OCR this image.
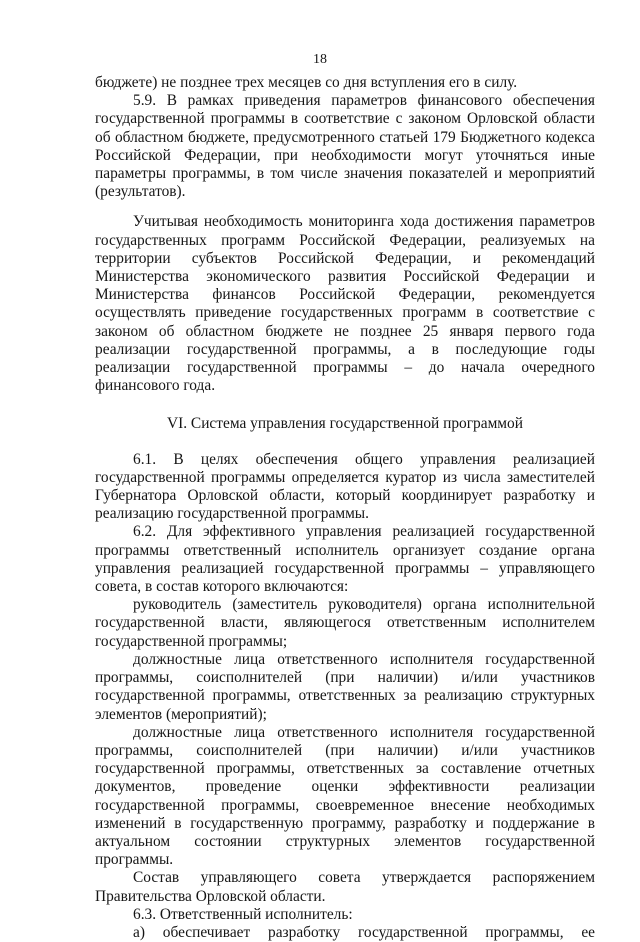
18

бюджете) не позднее трех месяцев со дня вступления его в силу.

5.9. В рамках приведения параметров финансового обеспечения государственной программы в соответствие с законом Орловской области об областном бюджете, предусмотренного статьей 179 Бюджетного кодекса Российской Федерации, при необходимости могут уточняться иные параметры программы, в том числе значения показателей и мероприятий (результатов).

Учитывая необходимость мониторинга хода достижения параметров государственных программ Российской Федерации, реализуемых на территории субъектов Российской Федерации, и рекомендаций Министерства экономического развития Российской Федерации и Министерства финансов Российской Федерации, рекомендуется осуществлять приведение государственных программ в соответствие с законом об областном бюджете не позднее 25 января первого года реализации государственной программы, а в последующие годы реализации государственной программы – до начала очередного финансового года.

VI. Система управления государственной программой

6.1. В целях обеспечения общего управления реализацией государственной программы определяется куратор из числа заместителей Губернатора Орловской области, который координирует разработку и реализацию государственной программы.

6.2. Для эффективного управления реализацией государственной программы ответственный исполнитель организует создание органа управления реализацией государственной программы – управляющего совета, в состав которого включаются:

руководитель (заместитель руководителя) органа исполнительной государственной власти, являющегося ответственным исполнителем государственной программы;

должностные лица ответственного исполнителя государственной программы, соисполнителей (при наличии) и/или участников государственной программы, ответственных за реализацию структурных элементов (мероприятий);

должностные лица ответственного исполнителя государственной программы, соисполнителей (при наличии) и/или участников государственной программы, ответственных за составление отчетных документов, проведение оценки эффективности реализации государственной программы, своевременное внесение необходимых изменений в государственную программу, разработку и поддержание в актуальном состоянии структурных элементов государственной программы.

Состав управляющего совета утверждается распоряжением Правительства Орловской области.

6.3. Ответственный исполнитель:

а) обеспечивает разработку государственной программы, ее
